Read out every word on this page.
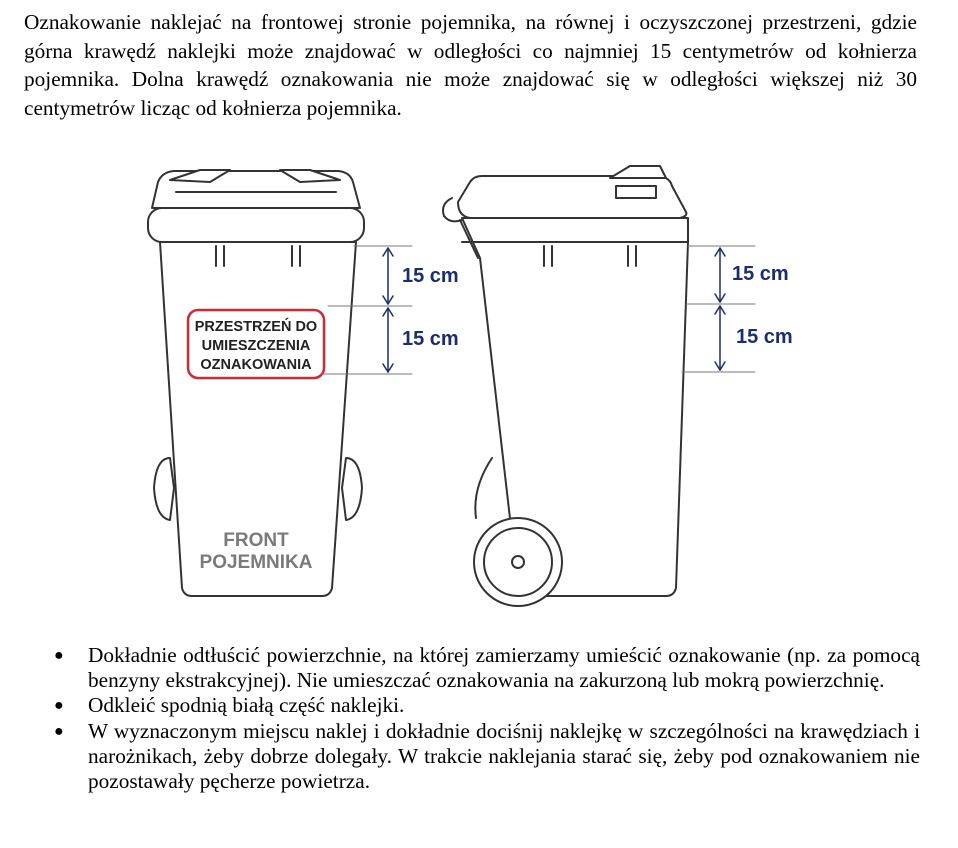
Oznakowanie naklejać na frontowej stronie pojemnika, na równej i oczyszczonej przestrzeni, gdzie górna krawędź naklejki może znajdować w odległości co najmniej 15 centymetrów od kołnierza pojemnika. Dolna krawędź oznakowania nie może znajdować się w odległości większej niż 30 centymetrów licząc od kołnierza pojemnika.

PRZESTRZEŃ DO
UMIESZCZENIA
OZNAKOWANIA
FRONT
POJEMNIKA
15 cm
15 cm
15 cm
15 cm
● Dokładnie odtłuścić powierzchnie, na której zamierzamy umieścić oznakowanie (np. za pomocą benzyny ekstrakcyjnej). Nie umieszczać oznakowania na zakurzoną lub mokrą powierzchnię.
● Odkleić spodnią białą część naklejki.
● W wyznaczonym miejscu naklej i dokładnie dociśnij naklejkę w szczególności na krawędziach i narożnikach, żeby dobrze dolegały. W trakcie naklejania starać się, żeby pod oznakowaniem nie pozostawały pęcherze powietrza.
